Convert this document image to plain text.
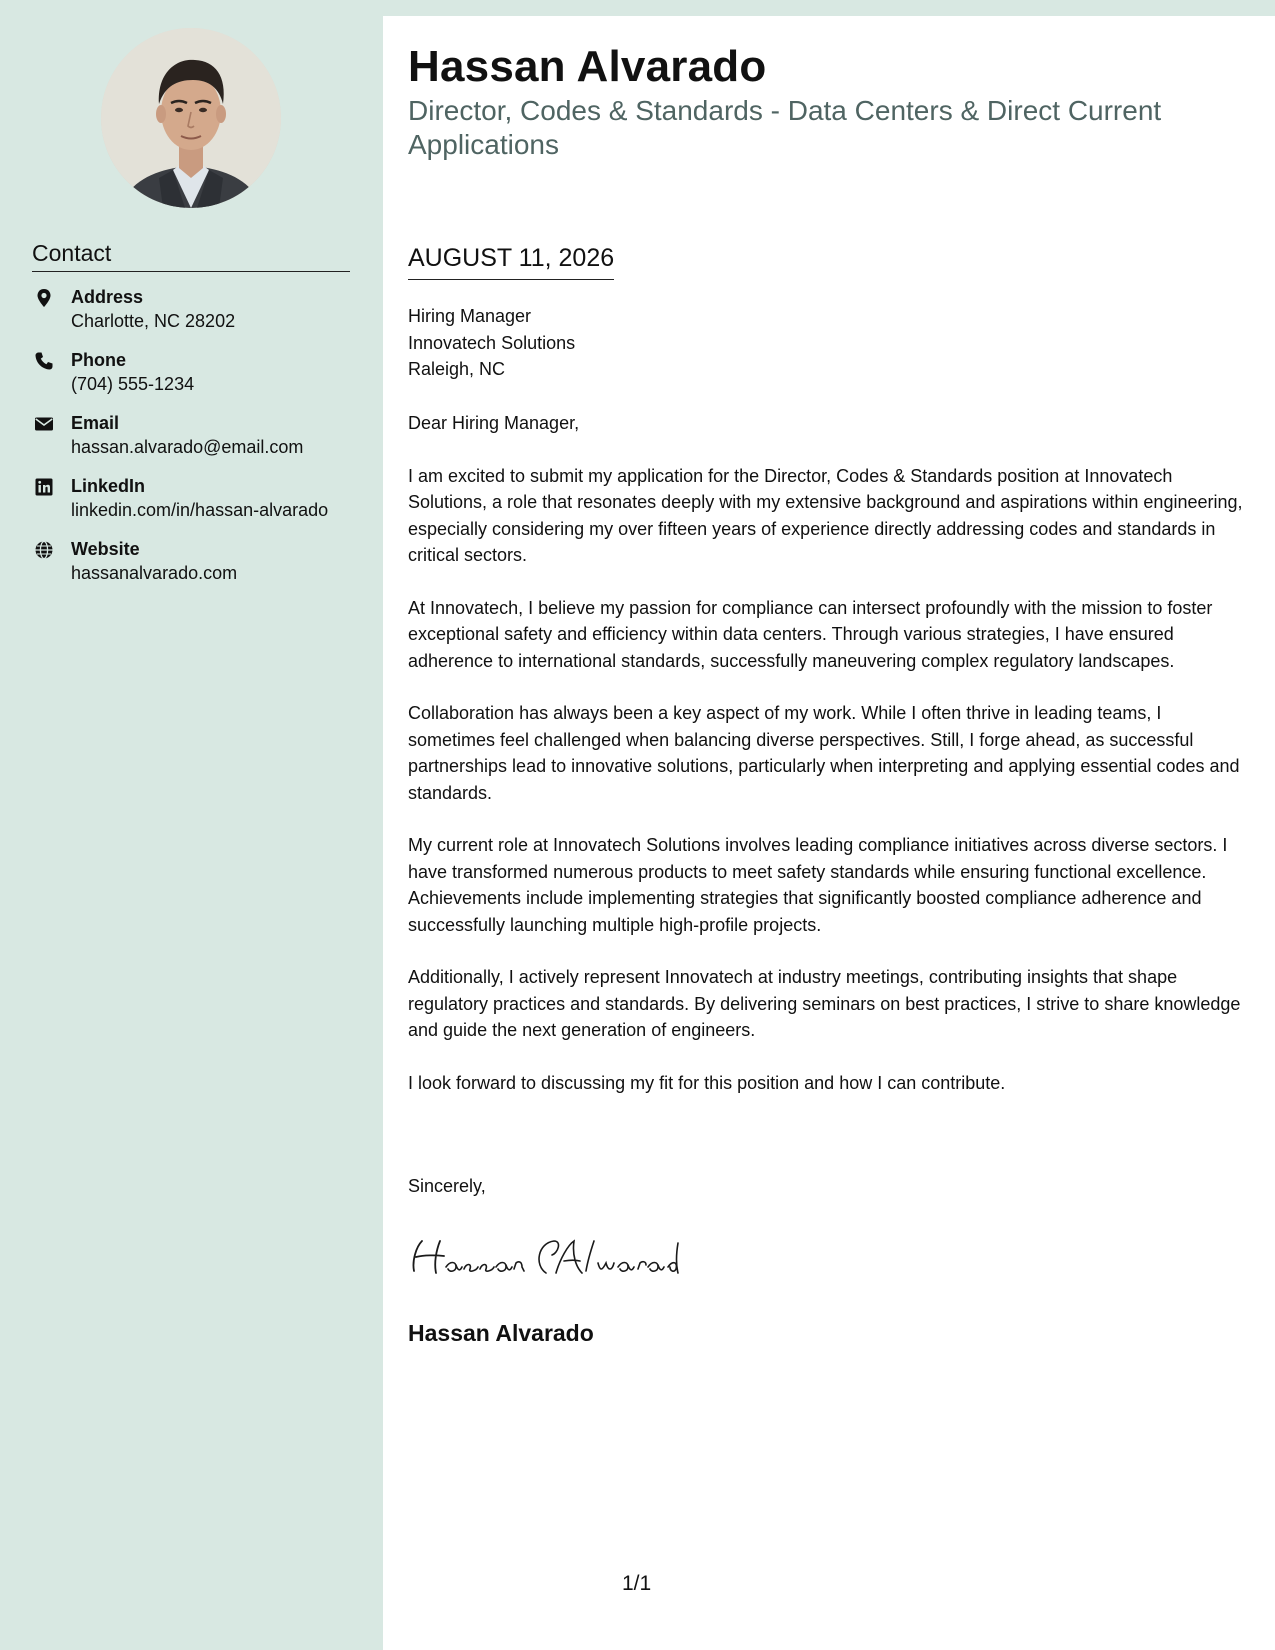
Contact
Address
Charlotte, NC 28202
Phone
(704) 555-1234
Email
hassan.alvarado@email.com
LinkedIn
linkedin.com/in/hassan-alvarado
Website
hassanalvarado.com
Hassan Alvarado
Director, Codes & Standards - Data Centers & Direct Current Applications
AUGUST 11, 2026
Hiring Manager
Innovatech Solutions
Raleigh, NC

Dear Hiring Manager,

I am excited to submit my application for the Director, Codes & Standards position at Innovatech Solutions, a role that resonates deeply with my extensive background and aspirations within engineering, especially considering my over fifteen years of experience directly addressing codes and standards in critical sectors.

At Innovatech, I believe my passion for compliance can intersect profoundly with the mission to foster exceptional safety and efficiency within data centers. Through various strategies, I have ensured adherence to international standards, successfully maneuvering complex regulatory landscapes.

Collaboration has always been a key aspect of my work. While I often thrive in leading teams, I sometimes feel challenged when balancing diverse perspectives. Still, I forge ahead, as successful partnerships lead to innovative solutions, particularly when interpreting and applying essential codes and standards.

My current role at Innovatech Solutions involves leading compliance initiatives across diverse sectors. I have transformed numerous products to meet safety standards while ensuring functional excellence. Achievements include implementing strategies that significantly boosted compliance adherence and successfully launching multiple high-profile projects.

Additionally, I actively represent Innovatech at industry meetings, contributing insights that shape regulatory practices and standards. By delivering seminars on best practices, I strive to share knowledge and guide the next generation of engineers.

I look forward to discussing my fit for this position and how I can contribute.

Sincerely,
Hassan Alvarado
1/1
